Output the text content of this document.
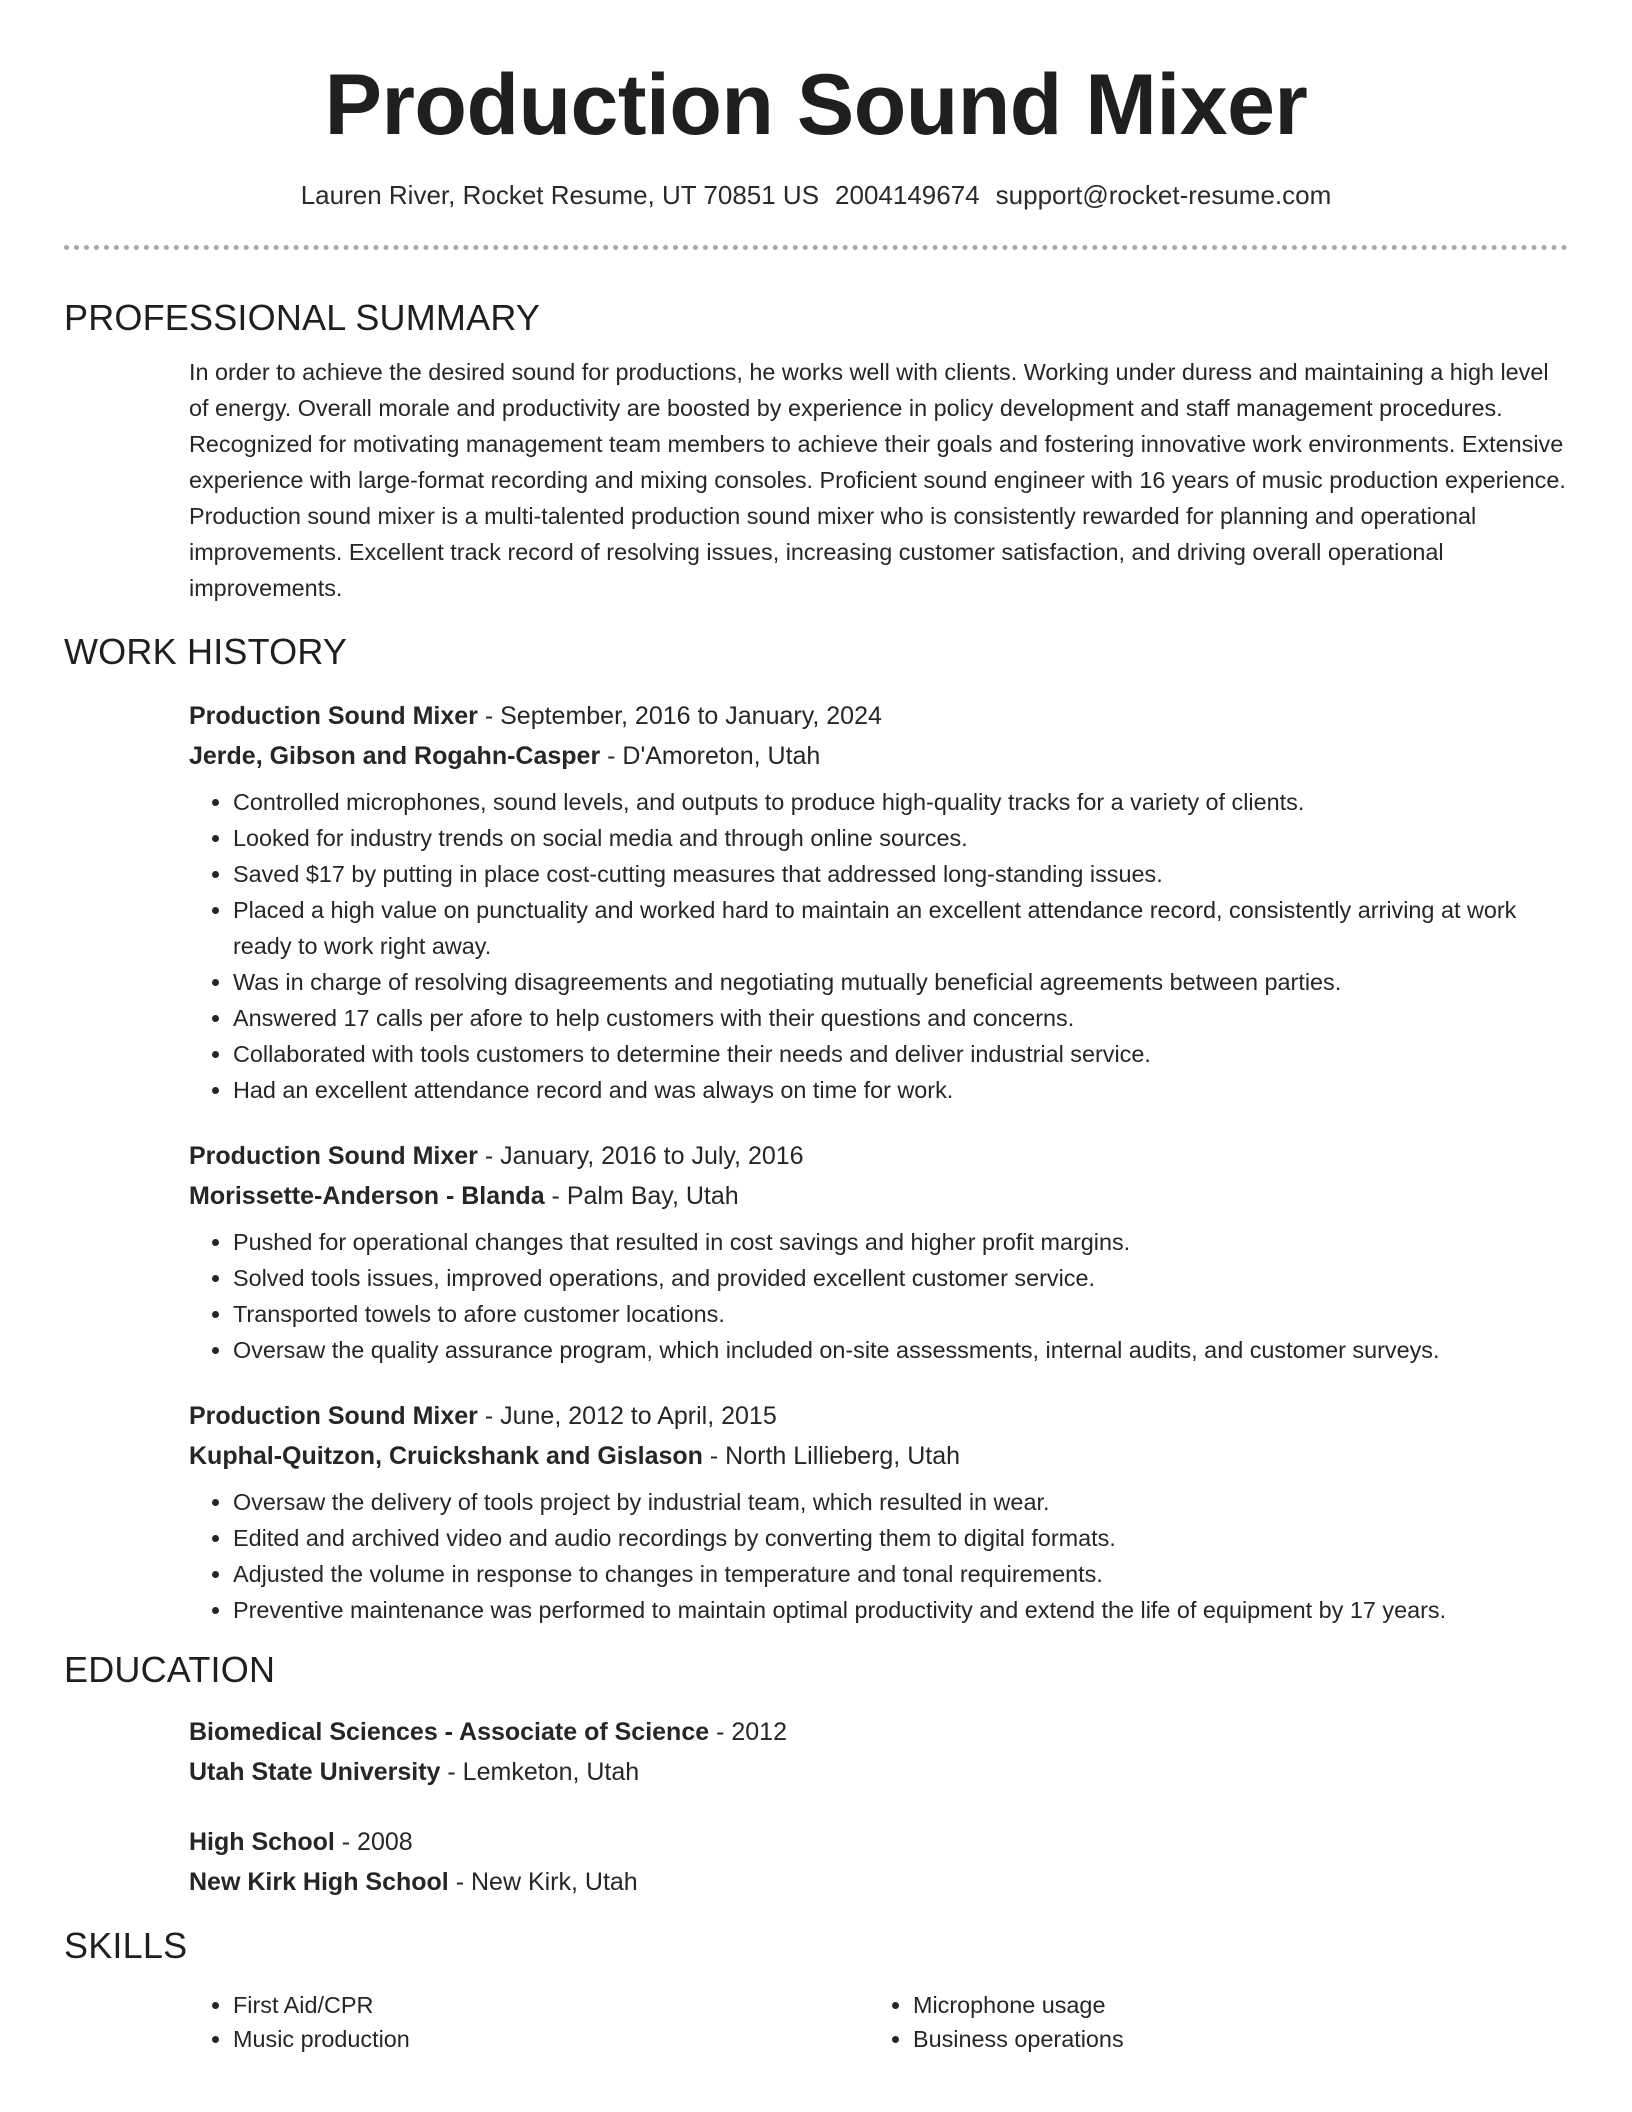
Production Sound Mixer
Lauren River, Rocket Resume, UT 70851 US 2004149674 support@rocket-resume.com
PROFESSIONAL SUMMARY

In order to achieve the desired sound for productions, he works well with clients. Working under duress and maintaining a high level of energy. Overall morale and productivity are boosted by experience in policy development and staff management procedures. Recognized for motivating management team members to achieve their goals and fostering innovative work environments. Extensive experience with large-format recording and mixing consoles. Proficient sound engineer with 16 years of music production experience. Production sound mixer is a multi-talented production sound mixer who is consistently rewarded for planning and operational improvements. Excellent track record of resolving issues, increasing customer satisfaction, and driving overall operational improvements.

WORK HISTORY
Production Sound Mixer - September, 2016 to January, 2024
Jerde, Gibson and Rogahn-Casper - D'Amoreton, Utah
• Controlled microphones, sound levels, and outputs to produce high-quality tracks for a variety of clients.
• Looked for industry trends on social media and through online sources.
• Saved $17 by putting in place cost-cutting measures that addressed long-standing issues.
• Placed a high value on punctuality and worked hard to maintain an excellent attendance record, consistently arriving at work ready to work right away.
• Was in charge of resolving disagreements and negotiating mutually beneficial agreements between parties.
• Answered 17 calls per afore to help customers with their questions and concerns.
• Collaborated with tools customers to determine their needs and deliver industrial service.
• Had an excellent attendance record and was always on time for work.
Production Sound Mixer - January, 2016 to July, 2016
Morissette-Anderson - Blanda - Palm Bay, Utah
• Pushed for operational changes that resulted in cost savings and higher profit margins.
• Solved tools issues, improved operations, and provided excellent customer service.
• Transported towels to afore customer locations.
• Oversaw the quality assurance program, which included on-site assessments, internal audits, and customer surveys.
Production Sound Mixer - June, 2012 to April, 2015
Kuphal-Quitzon, Cruickshank and Gislason - North Lillieberg, Utah
• Oversaw the delivery of tools project by industrial team, which resulted in wear.
• Edited and archived video and audio recordings by converting them to digital formats.
• Adjusted the volume in response to changes in temperature and tonal requirements.
• Preventive maintenance was performed to maintain optimal productivity and extend the life of equipment by 17 years.
EDUCATION
Biomedical Sciences - Associate of Science - 2012
Utah State University - Lemketon, Utah
High School - 2008
New Kirk High School - New Kirk, Utah
SKILLS
• First Aid/CPR
• Music production
• Microphone usage
• Business operations
